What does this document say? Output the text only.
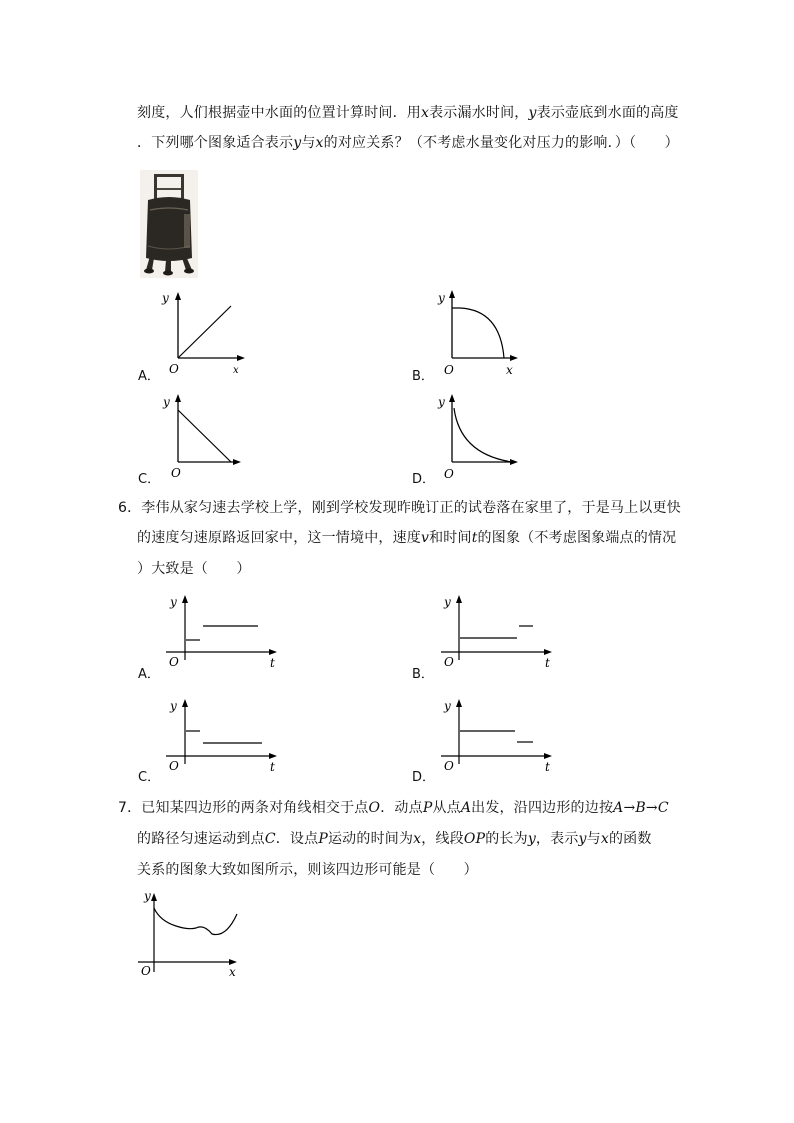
刻度，人们根据壶中水面的位置计算时间．用x表示漏水时间，y表示壶底到水面的高度
．下列哪个图象适合表示y与x的对应关系？（不考虑水量变化对压力的影响．）（　　）
A．
y
O	x	B．
y
O	x
C．
y
O	D．
y
O
6．李伟从家匀速去学校上学，刚到学校发现昨晚订正的试卷落在家里了，于是马上以更快
的速度匀速原路返回家中，这一情境中，速度v和时间t的图象（不考虑图象端点的情况
）大致是（　　）
A．
y
O	t
B．
y
O	t
C．
y
O	t
D．
y
O	t
7．已知某四边形的两条对角线相交于点O．动点P从点A出发，沿四边形的边按A→B→C
的路径匀速运动到点C．设点P运动的时间为x，线段OP的长为y，表示y与x的函数
关系的图象大致如图所示，则该四边形可能是（　　）
y
O	x
